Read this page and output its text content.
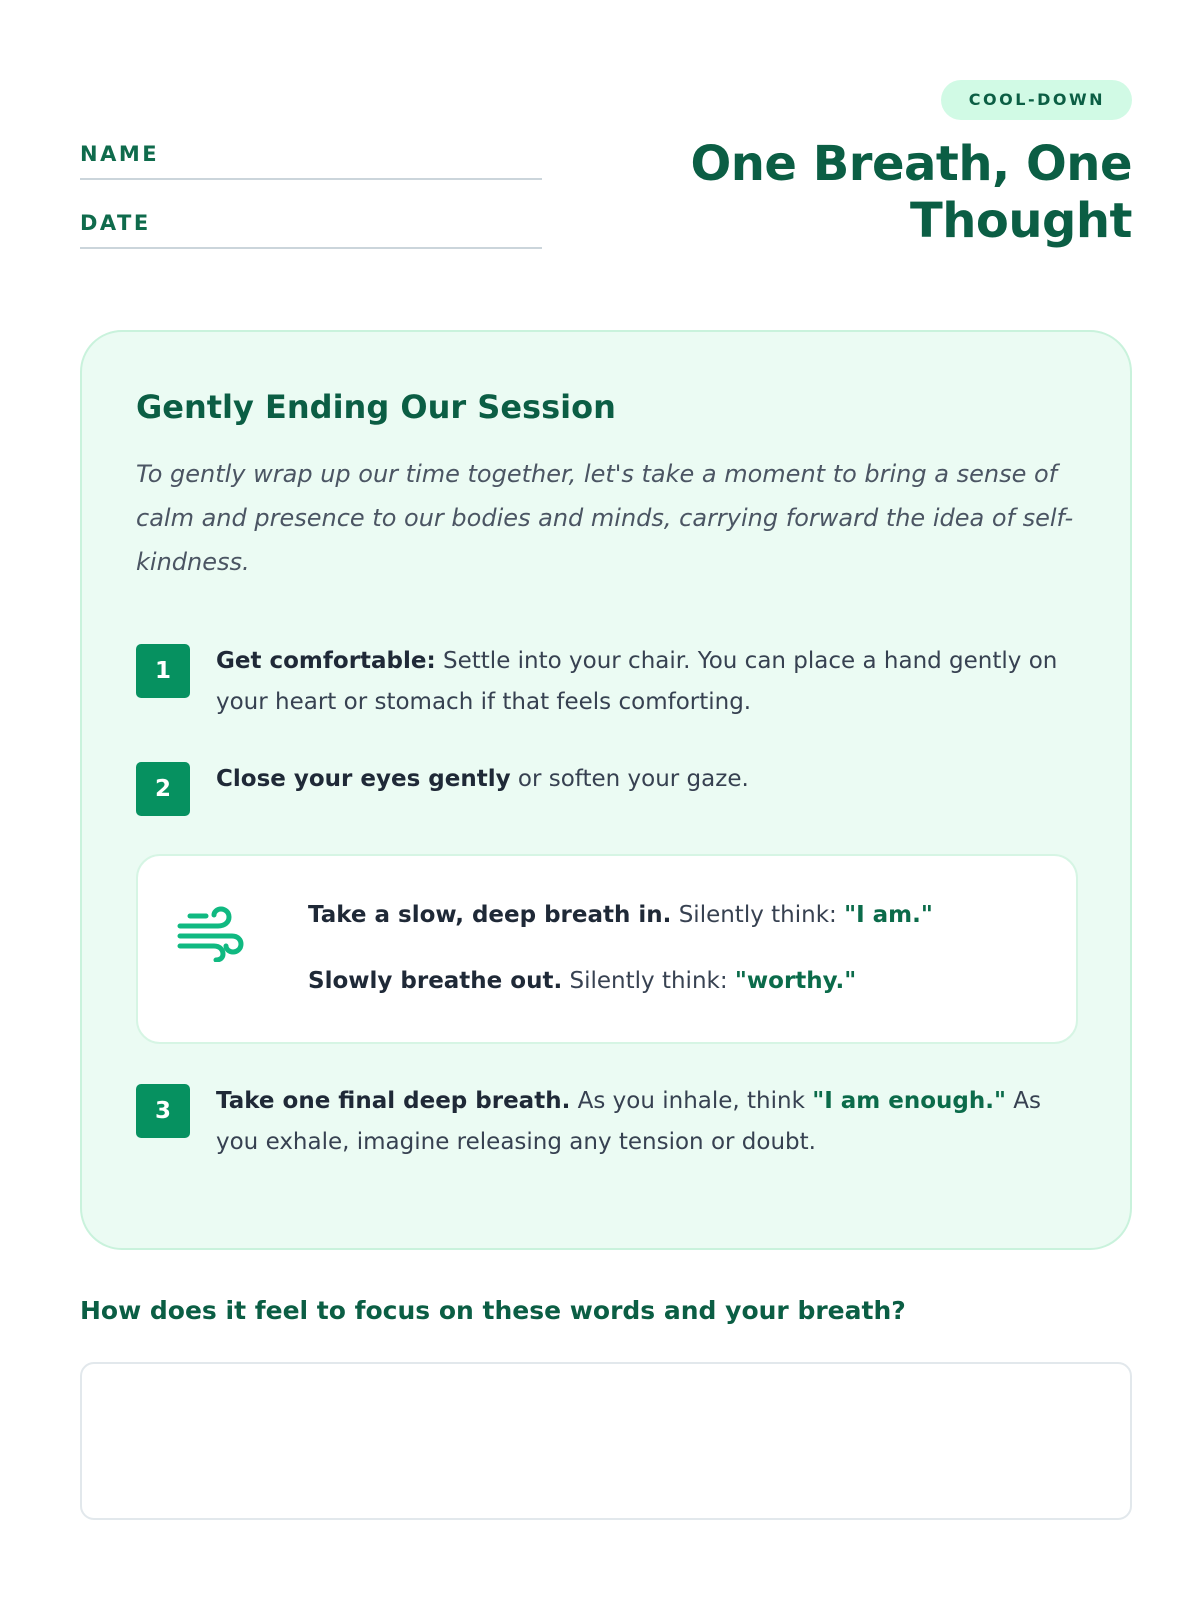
NAME
DATE
COOL-DOWN
One Breath, One Thought
Gently Ending Our Session

To gently wrap up our time together, let's take a moment to bring a sense of calm and presence to our bodies and minds, carrying forward the idea of self-kindness.

1	Get comfortable: Settle into your chair. You can place a hand gently on your heart or stomach if that feels comforting.

2	Close your eyes gently or soften your gaze.

Take a slow, deep breath in. Silently think: "I am."

Slowly breathe out. Silently think: "worthy."

3	Take one final deep breath. As you inhale, think "I am enough." As you exhale, imagine releasing any tension or doubt.

How does it feel to focus on these words and your breath?
